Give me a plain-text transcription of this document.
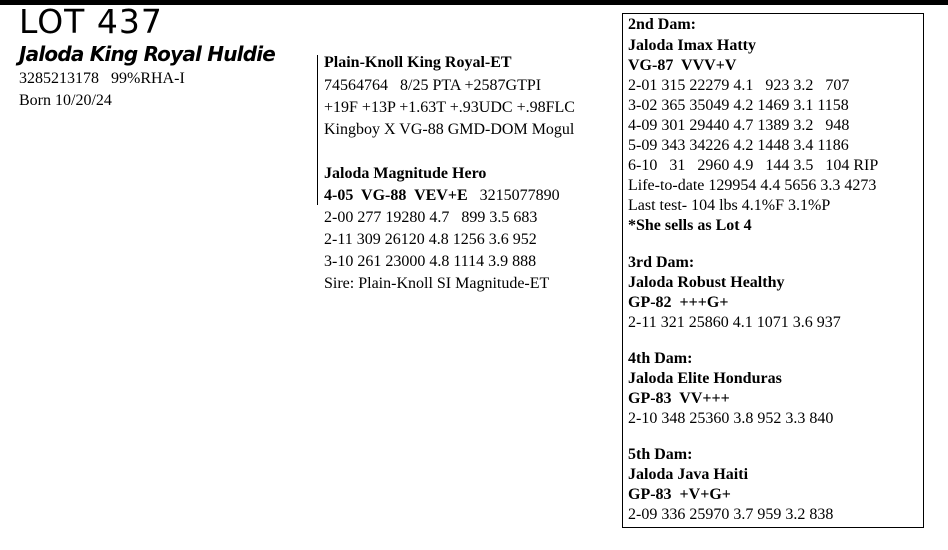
LOT 437
Jaloda King Royal Huldie
3285213178   99%RHA-I
Born 10/20/24
Plain-Knoll King Royal-ET
74564764   8/25 PTA +2587GTPI
+19F +13P +1.63T +.93UDC +.98FLC
Kingboy X VG-88 GMD-DOM Mogul
Jaloda Magnitude Hero
4-05  VG-88  VEV+E   3215077890
2-00 277 19280 4.7   899 3.5 683
2-11 309 26120 4.8 1256 3.6 952
3-10 261 23000 4.8 1114 3.9 888
Sire: Plain-Knoll SI Magnitude-ET
2nd Dam:
Jaloda Imax Hatty
VG-87  VVV+V
2-01 315 22279 4.1   923 3.2   707
3-02 365 35049 4.2 1469 3.1 1158
4-09 301 29440 4.7 1389 3.2   948
5-09 343 34226 4.2 1448 3.4 1186
6-10   31   2960 4.9   144 3.5   104 RIP
Life-to-date 129954 4.4 5656 3.3 4273
Last test- 104 lbs 4.1%F 3.1%P
*She sells as Lot 4
3rd Dam:
Jaloda Robust Healthy
GP-82  +++G+
2-11 321 25860 4.1 1071 3.6 937
4th Dam:
Jaloda Elite Honduras
GP-83  VV+++
2-10 348 25360 3.8 952 3.3 840
5th Dam:
Jaloda Java Haiti
GP-83  +V+G+
2-09 336 25970 3.7 959 3.2 838
